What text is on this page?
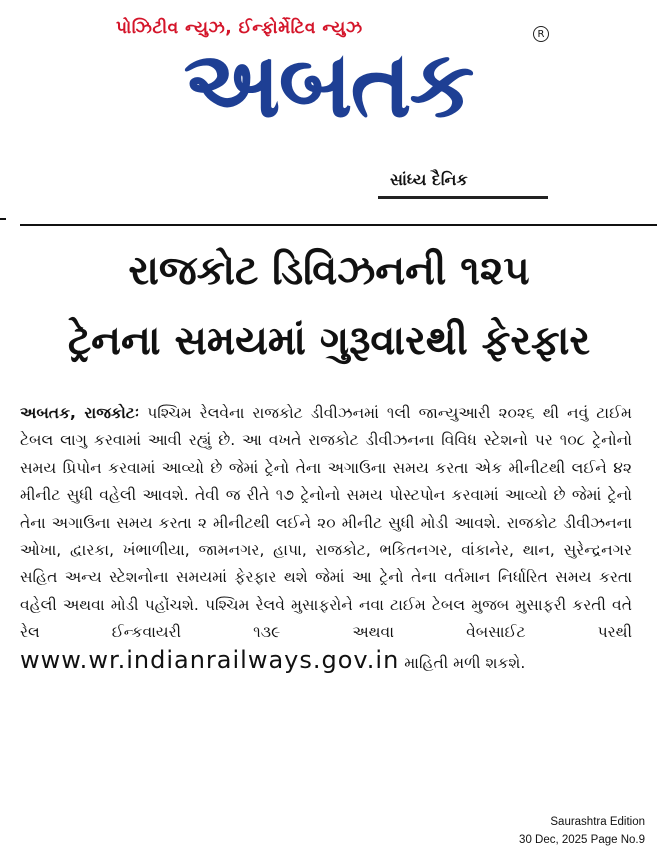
પોઝિટીવ ન્યુઝ, ઈન્ફોર્મેટિવ ન્યુઝ
અબતક	R
સાંધ્ય દૈનિક
રાજકોટ ડિવિઝનની ૧૨૫
ટ્રેનના સમયમાં ગુરૂવારથી ફેરફાર
અબતક, રાજકોટઃ પશ્ચિમ રેલવેના રાજકોટ ડીવીઝનમાં ૧લી જાન્યુઆરી ૨૦૨૬ થી નવું ટાઈમ ટેબલ લાગુ કરવામાં આવી રહ્યું છે. આ વખતે રાજકોટ ડીવીઝનના વિવિધ સ્ટેશનો પર ૧૦૮ ટ્રેનોનો સમય પ્રિપોન કરવામાં આવ્યો છે જેમાં ટ્રેનો તેના અગાઉના સમય કરતા એક મીનીટથી લઈને ૪૨ મીનીટ સુધી વહેલી આવશે. તેવી જ રીતે ૧૭ ટ્રેનોનો સમય પોસ્ટપોન કરવામાં આવ્યો છે જેમાં ટ્રેનો તેના અગાઉના સમય કરતા ૨ મીનીટથી લઈને ૨૦ મીનીટ સુધી મોડી આવશે. રાજકોટ ડીવીઝનના ઓખા, દ્વારકા, ખંભાળીયા, જામનગર, હાપા, રાજકોટ, ભકિતનગર, વાંકાનેર, થાન, સુરેન્દ્રનગર સહિત અન્ય સ્ટેશનોના સમયમાં ફેરફાર થશે જેમાં આ ટ્રેનો તેના વર્તમાન નિર્ધારિત સમય કરતા વહેલી અથવા મોડી પહોંચશે. પશ્ચિમ રેલવે મુસાફરોને નવા ટાઈમ ટેબલ મુજબ મુસાફરી કરતી વતે રેલ ઈન્કવાયરી ૧૩૯ અથવા વેબસાઈટ પરથી www.wr.indianrailways.gov.in માહિતી મળી શકશે.
Saurashtra Edition
30 Dec, 2025 Page No.9
